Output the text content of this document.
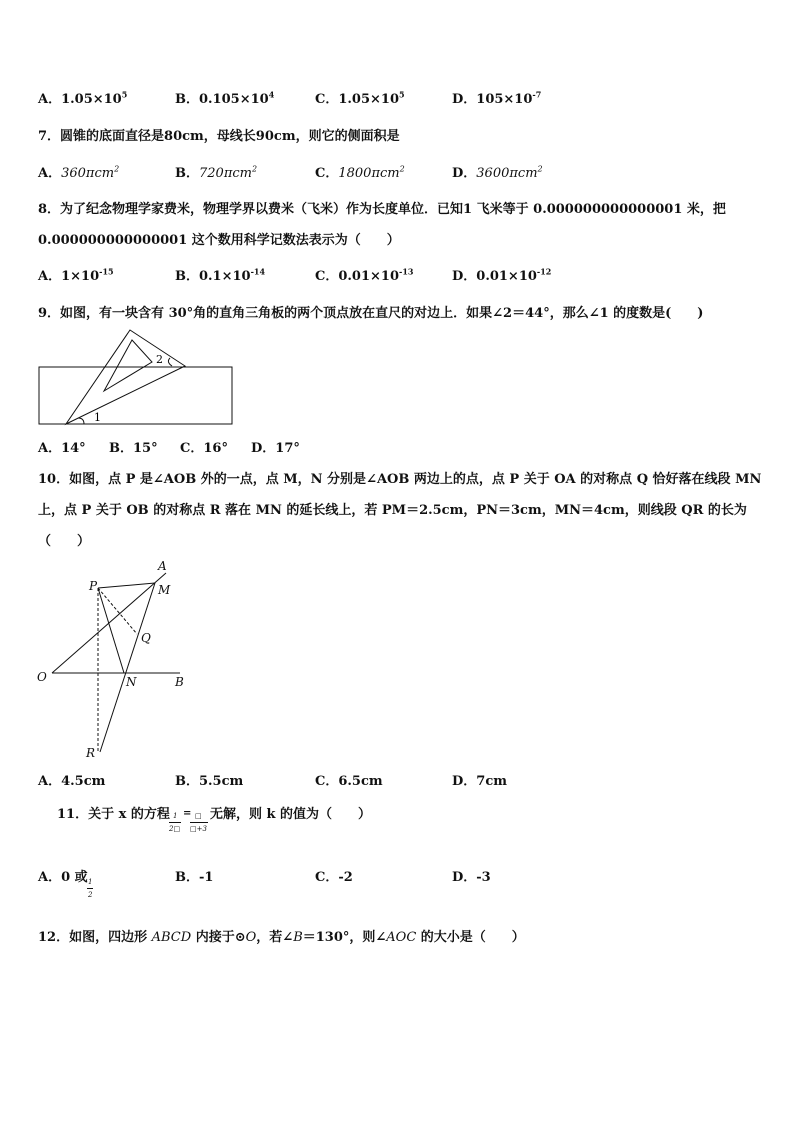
A．$1.05\times 10^5$	B．$0.105\times 10^4$	C．$1.05\times 10^5$	D．$105\times 10^{-7}$
7．圆锥的底面直径是80cm，母线长90cm，则它的侧面积是
A．360πcm$^2$	B．720πcm$^2$	C．1800πcm$^2$	D．3600πcm$^2$
8．为了纪念物理学家费米，物理学界以费米（飞米）作为长度单位．已知1 飞米等于 0.000000000000001 米，把
0.000000000000001 这个数用科学记数法表示为（　　）
A．$1\times 10^{-15}$	B．$0.1\times 10^{-14}$	C．$0.01\times 10^{-13}$	D．$0.01\times 10^{-12}$
9．如图，有一块含有 30°角的直角三角板的两个顶点放在直尺的对边上．如果∠2＝44°，那么∠1 的度数是(　　)
2
1
A．14° B．15° C．16° D．17°
10．如图，点 P 是∠AOB 外的一点，点 M，N 分别是∠AOB 两边上的点，点 P 关于 OA 的对称点 Q 恰好落在线段 MN
上，点 P 关于 OB 的对称点 R 落在 MN 的延长线上，若 PM＝2.5cm，PN＝3cm，MN＝4cm，则线段 QR 的长为
（　　）
A
M
P
Q
O	N	B
R
A．4.5cm	B．5.5cm	C．6.5cm	D．7cm
11．关于 x 的方程 1
2□
= □
□+3
无解，则 k 的值为（　　）
A．0 或 1
2
B．-1	C．-2	D．-3
12．如图，四边形 ABCD 内接于⊙O，若∠B＝130°，则∠AOC 的大小是（　　）
